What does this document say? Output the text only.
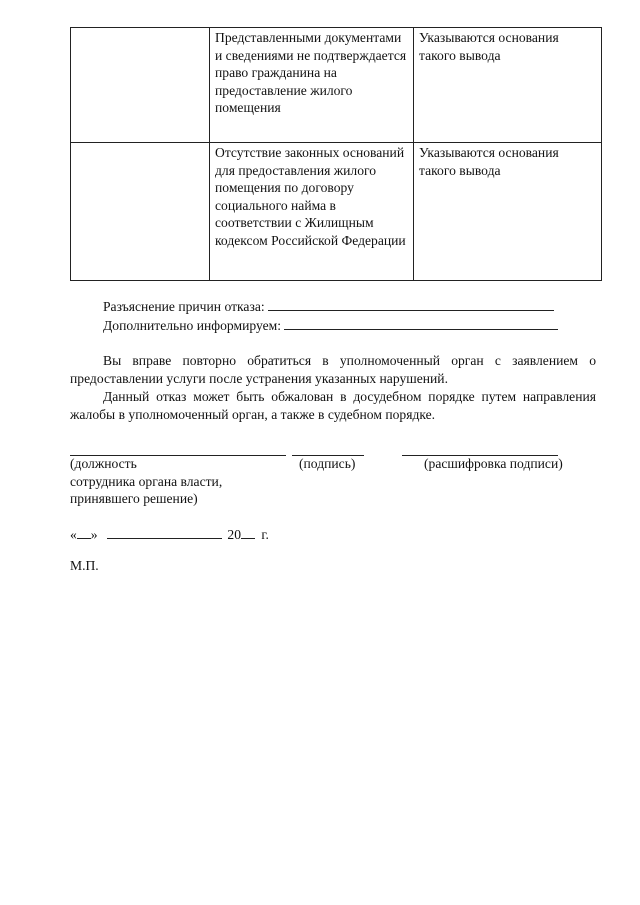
	Представленными документами и сведениями не подтверждается право гражданина на предоставление жилого помещения	Указываются основания такого вывода
	Отсутствие законных оснований для предоставления жилого помещения по договору социального найма в соответствии с Жилищным кодексом Российской Федерации	Указываются основания такого вывода
Разъяснение причин отказа:
Дополнительно информируем:

Вы вправе повторно обратиться в уполномоченный орган с заявлением о предоставлении услуги после устранения указанных нарушений.

Данный отказ может быть обжалован в досудебном порядке путем направления жалобы в уполномоченный орган, а также в судебном порядке.

(должность
сотрудника органа власти,
принявшего решение)
(подпись)	(расшифровка подписи)
« »	20 г.
М.П.
